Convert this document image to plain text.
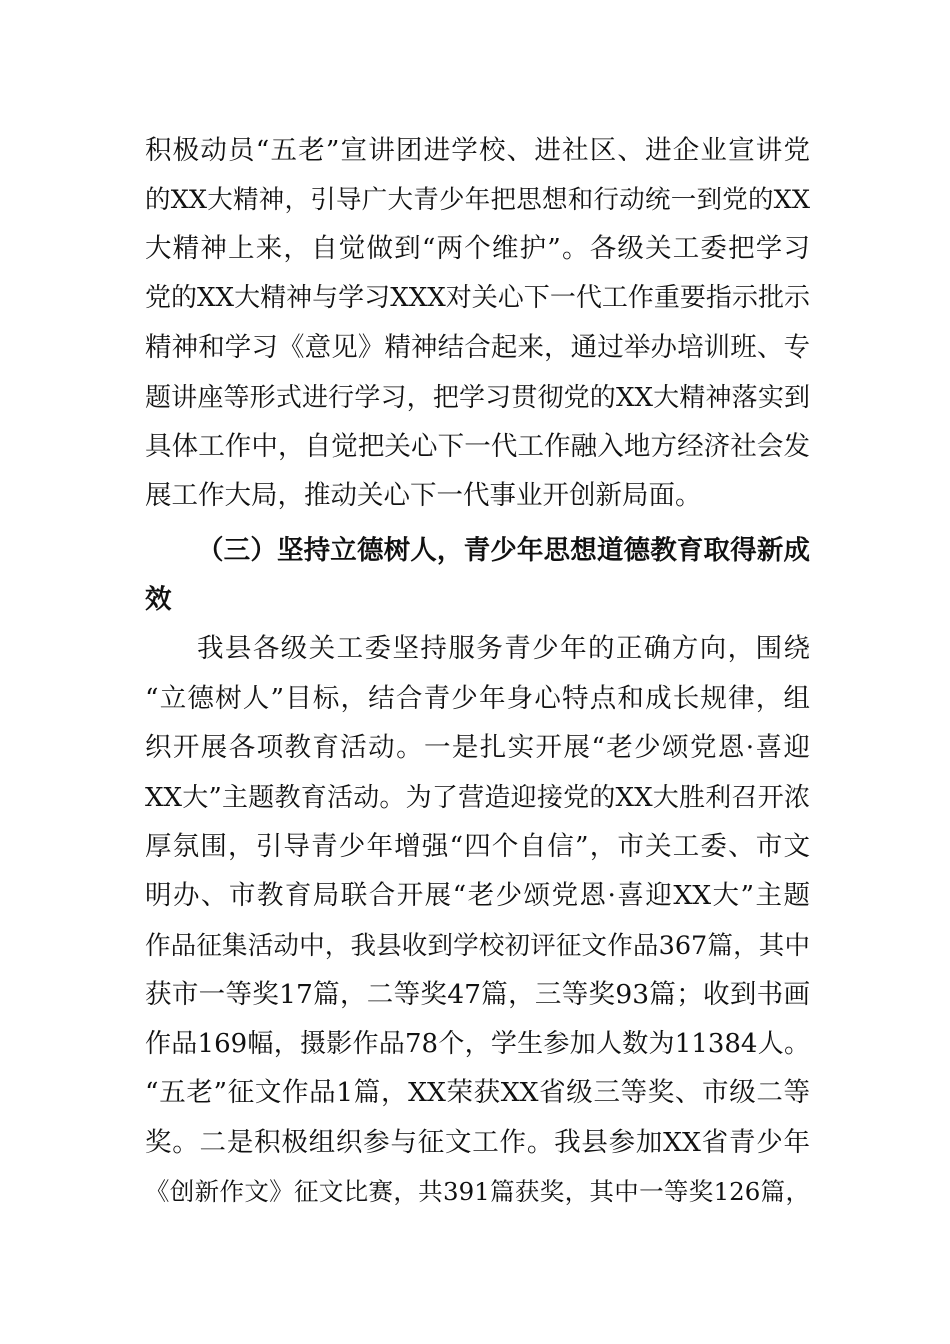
积极动员“五老”宣讲团进学校、进社区、进企业宣讲党
的XX大精神，引导广大青少年把思想和行动统一到党的XX
大精神上来，自觉做到“两个维护”。各级关工委把学习
党的XX大精神与学习XXX对关心下一代工作重要指示批示
精神和学习《意见》精神结合起来，通过举办培训班、专
题讲座等形式进行学习，把学习贯彻党的XX大精神落实到
具体工作中，自觉把关心下一代工作融入地方经济社会发
展工作大局，推动关心下一代事业开创新局面。
（三）坚持立德树人，青少年思想道德教育取得新成
效
我县各级关工委坚持服务青少年的正确方向，围绕
“立德树人”目标，结合青少年身心特点和成长规律，组
织开展各项教育活动。一是扎实开展“老少颂党恩·喜迎
XX大”主题教育活动。为了营造迎接党的XX大胜利召开浓
厚氛围，引导青少年增强“四个自信”，市关工委、市文
明办、市教育局联合开展“老少颂党恩·喜迎XX大”主题
作品征集活动中，我县收到学校初评征文作品367篇，其中
获市一等奖17篇，二等奖47篇，三等奖93篇；收到书画
作品169幅，摄影作品78个，学生参加人数为11384人。
“五老”征文作品1篇，XX荣获XX省级三等奖、市级二等
奖。二是积极组织参与征文工作。我县参加XX省青少年
《创新作文》征文比赛，共391篇获奖，其中一等奖126篇，
